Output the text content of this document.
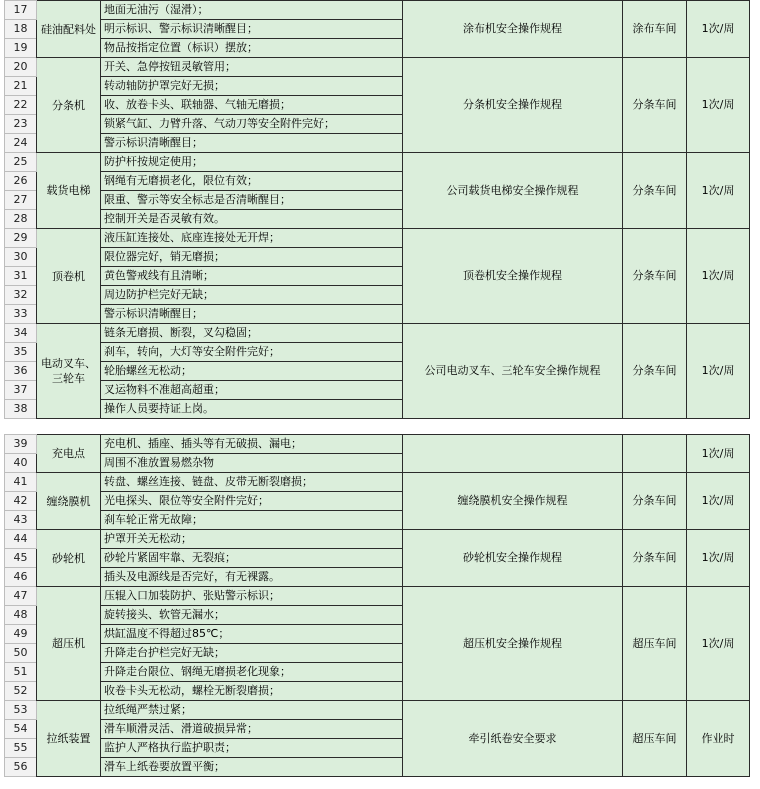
17	硅油配料处	地面无油污（湿滑）；	涂布机安全操作规程	涂布车间	1次/周
18		明示标识、警示标识清晰醒目；			
19		物品按指定位置（标识）摆放；			
20	分条机	开关、急停按钮灵敏管用；	分条机安全操作规程	分条车间	1次/周
21		转动轴防护罩完好无损；			
22		收、放卷卡头、联轴器、气轴无磨损；			
23		锁紧气缸、力臂升落、气动刀等安全附件完好；			
24		警示标识清晰醒目；			
25	载货电梯	防护杆按规定使用；	公司载货电梯安全操作规程	分条车间	1次/周
26		钢绳有无磨损老化，限位有效；			
27		限重、警示等安全标志是否清晰醒目；			
28		控制开关是否灵敏有效。			
29	顶卷机	液压缸连接处、底座连接处无开焊；	顶卷机安全操作规程	分条车间	1次/周
30		限位器完好，销无磨损；			
31		黄色警戒线有且清晰；			
32		周边防护栏完好无缺；			
33		警示标识清晰醒目；			
34	电动叉车、三轮车	链条无磨损、断裂，叉勾稳固；	公司电动叉车、三轮车安全操作规程	分条车间	1次/周
35		刹车，转向，大灯等安全附件完好；			
36		轮胎螺丝无松动；			
37		叉运物料不准超高超重；			
38		操作人员要持证上岗。			
39	充电点	充电机、插座、插头等有无破损、漏电；			1次/周
40		周围不准放置易燃杂物			
41	缠绕膜机	转盘、螺丝连接、链盘、皮带无断裂磨损；	缠绕膜机安全操作规程	分条车间	1次/周
42		光电探头、限位等安全附件完好；			
43		刹车轮正常无故障；			
44	砂轮机	护罩开关无松动；	砂轮机安全操作规程	分条车间	1次/周
45		砂轮片紧固牢靠、无裂痕；			
46		插头及电源线是否完好，有无裸露。			
47	超压机	压辊入口加装防护、张贴警示标识；	超压机安全操作规程	超压车间	1次/周
48		旋转接头、软管无漏水；			
49		烘缸温度不得超过85℃；			
50		升降走台护栏完好无缺；			
51		升降走台限位、钢绳无磨损老化现象；			
52		收卷卡头无松动，螺栓无断裂磨损；			
53	拉纸装置	拉纸绳严禁过紧；	牵引纸卷安全要求	超压车间	作业时
54		滑车顺滑灵活、滑道破损异常；			
55		监护人严格执行监护职责；			
56		滑车上纸卷要放置平衡；			
